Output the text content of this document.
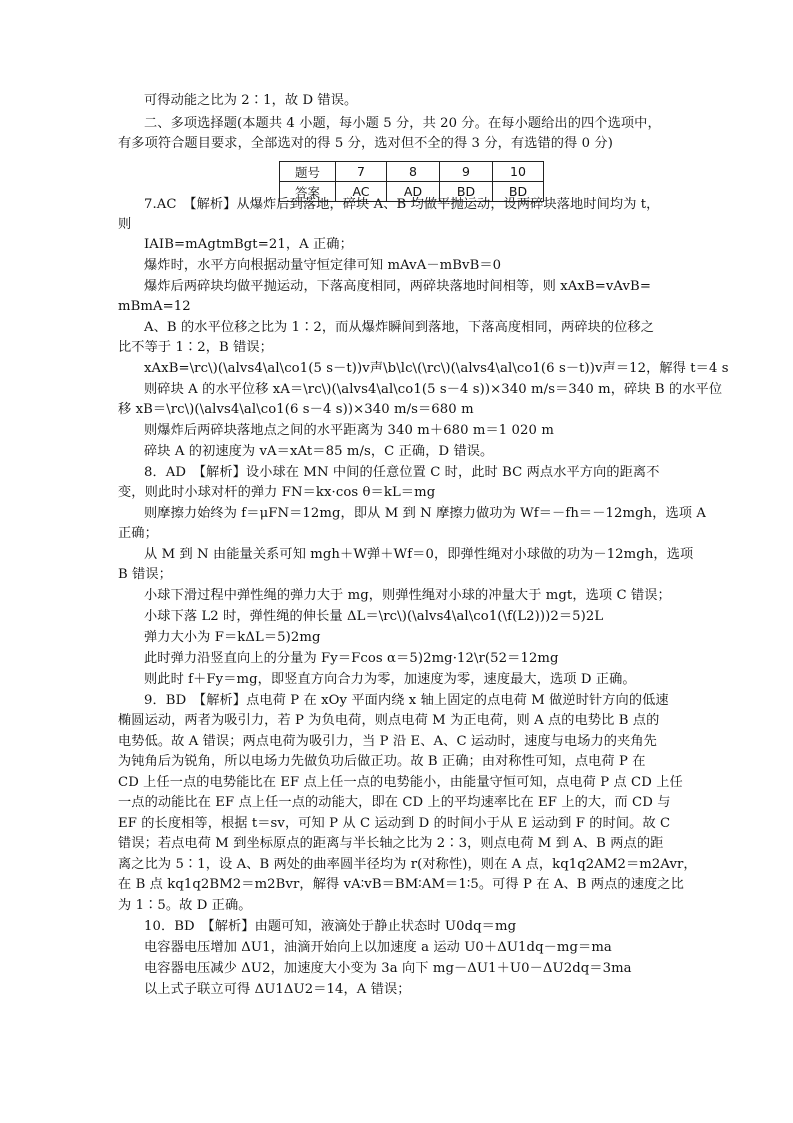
可得动能之比为 2∶1，故 D 错误。
二、多项选择题(本题共 4 小题，每小题 5 分，共 20 分。在每小题给出的四个选项中，
有多项符合题目要求，全部选对的得 5 分，选对但不全的得 3 分，有选错的得 0 分)
7.AC　【解析】从爆炸后到落地，碎块 A、B 均做平抛运动，设两碎块落地时间均为 t，
则
IAIB=mAgtmBgt=21，A 正确；
爆炸时，水平方向根据动量守恒定律可知 mAvA－mBvB＝0
爆炸后两碎块均做平抛运动，下落高度相同，两碎块落地时间相等，则 xAxB=vAvB=
mBmA=12
A、B 的水平位移之比为 1∶2，而从爆炸瞬间到落地，下落高度相同，两碎块的位移之
比不等于 1∶2，B 错误；
xAxB=\rc\)(\alvs4\al\co1(5 s－t))v声\b\lc\(\rc\)(\alvs4\al\co1(6 s－t))v声＝12，解得 t＝4 s
则碎块 A 的水平位移 xA＝\rc\)(\alvs4\al\co1(5 s－4 s))×340 m/s＝340 m，碎块 B 的水平位
移 xB＝\rc\)(\alvs4\al\co1(6 s－4 s))×340 m/s＝680 m
则爆炸后两碎块落地点之间的水平距离为 340 m＋680 m＝1 020 m
碎块 A 的初速度为 vA＝xAt＝85 m/s，C 正确，D 错误。
8．AD　【解析】设小球在 MN 中间的任意位置 C 时，此时 BC 两点水平方向的距离不
变，则此时小球对杆的弹力 FN＝kx·cos θ＝kL＝mg
则摩擦力始终为 f＝μFN＝12mg，即从 M 到 N 摩擦力做功为 Wf＝－fh＝－12mgh，选项 A
正确；
从 M 到 N 由能量关系可知 mgh＋W弹＋Wf＝0，即弹性绳对小球做的功为－12mgh，选项
B 错误；
小球下滑过程中弹性绳的弹力大于 mg，则弹性绳对小球的冲量大于 mgt，选项 C 错误；
小球下落 L2 时，弹性绳的伸长量 ΔL＝\rc\)(\alvs4\al\co1(\f(L2)))2＝5)2L
弹力大小为 F＝kΔL＝5)2mg
此时弹力沿竖直向上的分量为 Fy＝Fcos α＝5)2mg·12\r(52＝12mg
则此时 f＋Fy＝mg，即竖直方向合力为零，加速度为零，速度最大，选项 D 正确。
9．BD　【解析】点电荷 P 在 xOy 平面内绕 x 轴上固定的点电荷 M 做逆时针方向的低速
椭圆运动，两者为吸引力，若 P 为负电荷，则点电荷 M 为正电荷，则 A 点的电势比 B 点的
电势低。故 A 错误；两点电荷为吸引力，当 P 沿 E、A、C 运动时，速度与电场力的夹角先
为钝角后为锐角，所以电场力先做负功后做正功。故 B 正确；由对称性可知，点电荷 P 在
CD 上任一点的电势能比在 EF 点上任一点的电势能小，由能量守恒可知，点电荷 P 点 CD 上任
一点的动能比在 EF 点上任一点的动能大，即在 CD 上的平均速率比在 EF 上的大，而 CD 与
EF 的长度相等，根据 t＝sv，可知 P 从 C 运动到 D 的时间小于从 E 运动到 F 的时间。故 C
错误；若点电荷 M 到坐标原点的距离与半长轴之比为 2∶3，则点电荷 M 到 A、B 两点的距
离之比为 5∶1，设 A、B 两处的曲率圆半径均为 r(对称性)，则在 A 点，kq1q2AM2＝m2Avr，
在 B 点 kq1q2BM2＝m2Bvr，解得 vA∶vB＝BM∶AM＝1∶5。可得 P 在 A、B 两点的速度之比
为 1∶5。故 D 正确。
10．BD　【解析】由题可知，液滴处于静止状态时 U0dq＝mg
电容器电压增加 ΔU1，油滴开始向上以加速度 a 运动 U0＋ΔU1dq－mg＝ma
电容器电压减少 ΔU2，加速度大小变为 3a 向下 mg－ΔU1＋U0－ΔU2dq＝3ma
以上式子联立可得 ΔU1ΔU2＝14，A 错误；
题号	7	8	9	10
答案	AC	AD	BD	BD
